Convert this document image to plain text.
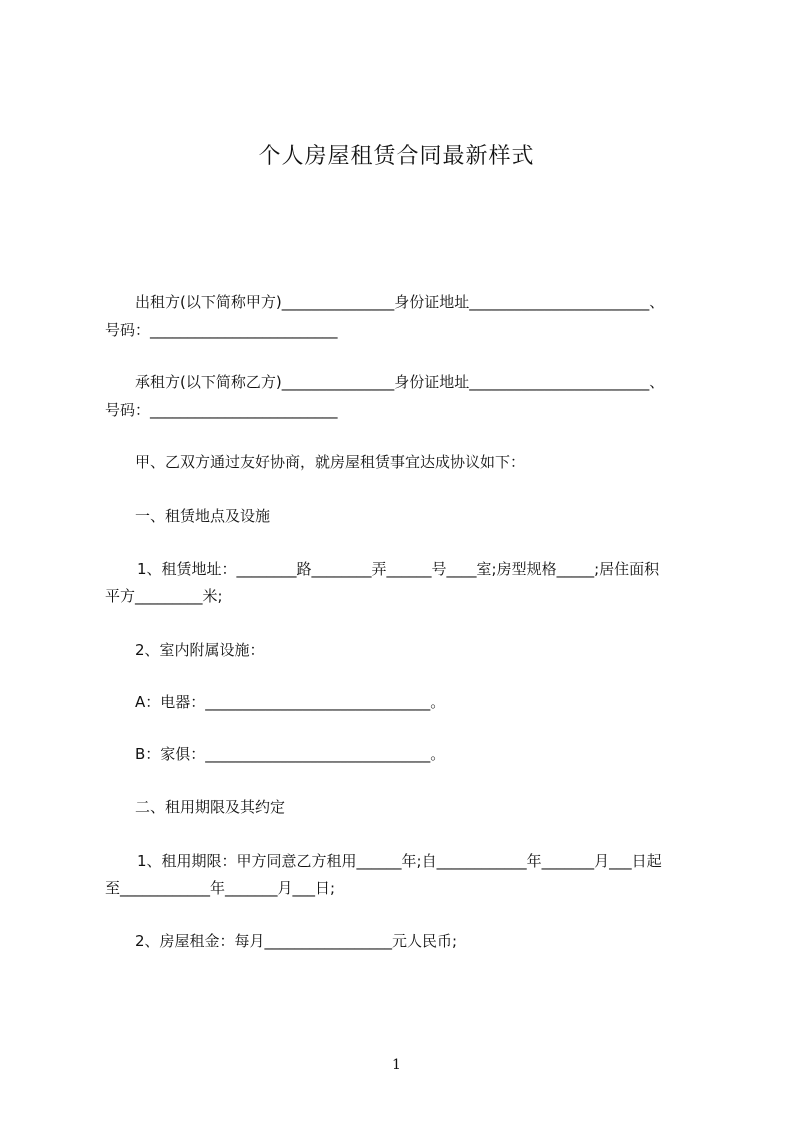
个人房屋租赁合同最新样式
出租方(以下简称甲方)_______________身份证地址________________________、
号码：_________________________
承租方(以下简称乙方)_______________身份证地址________________________、
号码：_________________________
甲、乙双方通过友好协商，就房屋租赁事宜达成协议如下：
一、租赁地点及设施
1、租赁地址：________路________弄______号____室;房型规格_____;居住面积
平方_________米;
2、室内附属设施：
A：电器：______________________________。
B：家俱：______________________________。
二、租用期限及其约定
1、租用期限：甲方同意乙方租用______年;自____________年_______月___日起
至____________年_______月___日;
2、房屋租金：每月_________________元人民币;
1
